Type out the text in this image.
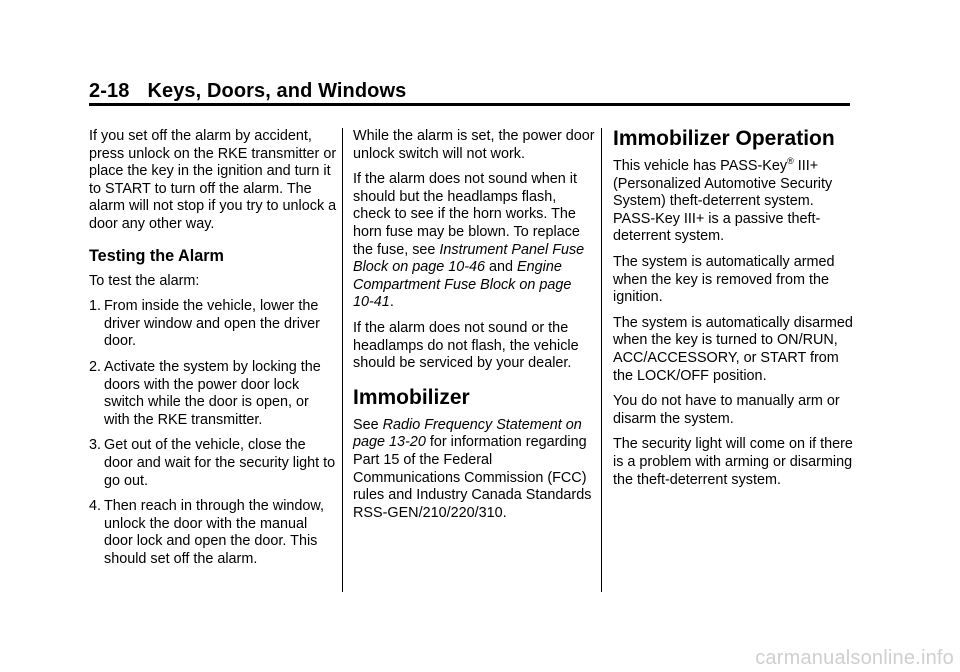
2-18 Keys, Doors, and Windows

If you set off the alarm by accident, press unlock on the RKE transmitter or place the key in the ignition and turn it to START to turn off the alarm. The alarm will not stop if you try to unlock a door any other way.

Testing the Alarm

To test the alarm:

1. From inside the vehicle, lower the driver window and open the driver door.
2. Activate the system by locking the doors with the power door lock switch while the door is open, or with the RKE transmitter.
3. Get out of the vehicle, close the door and wait for the security light to go out.
4. Then reach in through the window, unlock the door with the manual door lock and open the door. This should set off the alarm.

While the alarm is set, the power door unlock switch will not work.

If the alarm does not sound when it should but the headlamps flash, check to see if the horn works. The horn fuse may be blown. To replace the fuse, see Instrument Panel Fuse Block on page 10-46 and Engine Compartment Fuse Block on page 10-41.

If the alarm does not sound or the headlamps do not flash, the vehicle should be serviced by your dealer.

Immobilizer

See Radio Frequency Statement on page 13-20 for information regarding Part 15 of the Federal Communications Commission (FCC) rules and Industry Canada Standards RSS-GEN/210/220/310.

Immobilizer Operation

This vehicle has PASS-Key® III+ (Personalized Automotive Security System) theft-deterrent system. PASS-Key III+ is a passive theft-deterrent system.

The system is automatically armed when the key is removed from the ignition.

The system is automatically disarmed when the key is turned to ON/RUN, ACC/ACCESSORY, or START from the LOCK/OFF position.

You do not have to manually arm or disarm the system.

The security light will come on if there is a problem with arming or disarming the theft-deterrent system.

carmanualsonline.info
